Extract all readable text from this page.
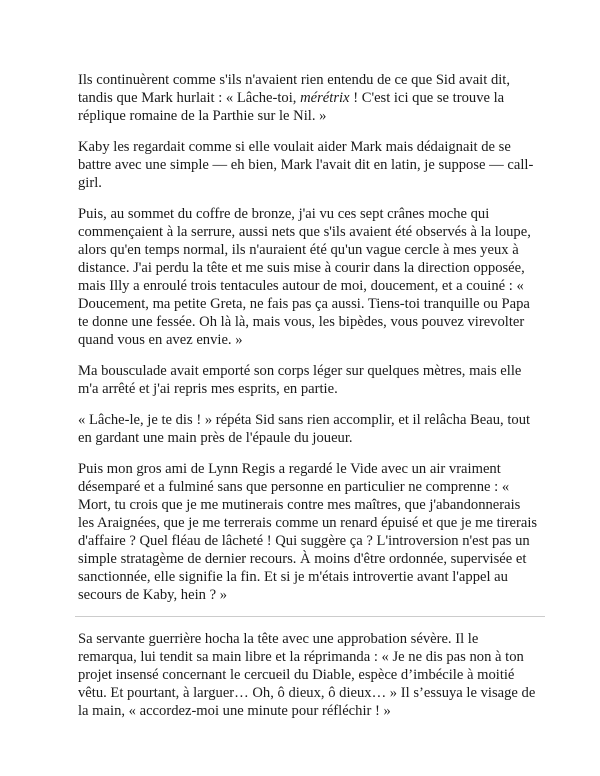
Ils continuèrent comme s'ils n'avaient rien entendu de ce que Sid avait dit, tandis que Mark hurlait : « Lâche-toi, mérétrix ! C'est ici que se trouve la réplique romaine de la Parthie sur le Nil. »

Kaby les regardait comme si elle voulait aider Mark mais dédaignait de se battre avec une simple — eh bien, Mark l'avait dit en latin, je suppose — call-girl.

Puis, au sommet du coffre de bronze, j'ai vu ces sept crânes moche qui commençaient à la serrure, aussi nets que s'ils avaient été observés à la loupe, alors qu'en temps normal, ils n'auraient été qu'un vague cercle à mes yeux à distance. J'ai perdu la tête et me suis mise à courir dans la direction opposée, mais Illy a enroulé trois tentacules autour de moi, doucement, et a couiné : « Doucement, ma petite Greta, ne fais pas ça aussi. Tiens-toi tranquille ou Papa te donne une fessée. Oh là là, mais vous, les bipèdes, vous pouvez virevolter quand vous en avez envie. »

Ma bousculade avait emporté son corps léger sur quelques mètres, mais elle m'a arrêté et j'ai repris mes esprits, en partie.

« Lâche-le, je te dis ! » répéta Sid sans rien accomplir, et il relâcha Beau, tout en gardant une main près de l'épaule du joueur.

Puis mon gros ami de Lynn Regis a regardé le Vide avec un air vraiment désemparé et a fulminé sans que personne en particulier ne comprenne : « Mort, tu crois que je me mutinerais contre mes maîtres, que j'abandonnerais les Araignées, que je me terrerais comme un renard épuisé et que je me tirerais d'affaire ? Quel fléau de lâcheté ! Qui suggère ça ? L'introversion n'est pas un simple stratagème de dernier recours. À moins d'être ordonnée, supervisée et sanctionnée, elle signifie la fin. Et si je m'étais introvertie avant l'appel au secours de Kaby, hein ? »

Sa servante guerrière hocha la tête avec une approbation sévère. Il le remarqua, lui tendit sa main libre et la réprimanda : « Je ne dis pas non à ton projet insensé concernant le cercueil du Diable, espèce d’imbécile à moitié vêtu. Et pourtant, à larguer… Oh, ô dieux, ô dieux… » Il s’essuya le visage de la main, « accordez-moi une minute pour réfléchir ! »
